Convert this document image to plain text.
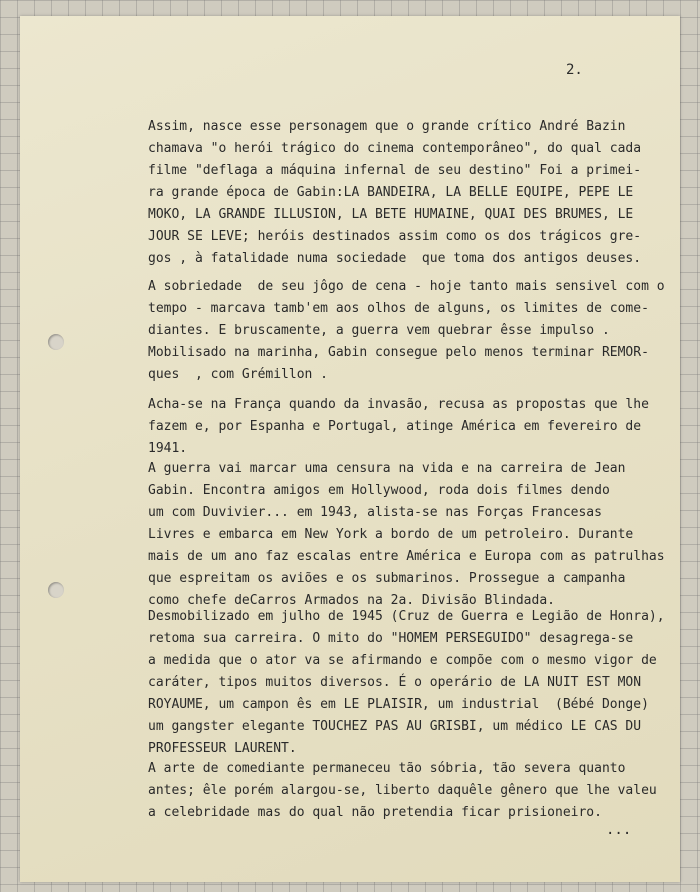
2.

Assim, nasce esse personagem que o grande crítico André Bazin
chamava "o herói trágico do cinema contemporâneo", do qual cada
filme "deflaga a máquina infernal de seu destino" Foi a primei-
ra grande época de Gabin:LA BANDEIRA, LA BELLE EQUIPE, PEPE LE
MOKO, LA GRANDE ILLUSION, LA BETE HUMAINE, QUAI DES BRUMES, LE
JOUR SE LEVE; heróis destinados assim como os dos trágicos gre-
gos , à fatalidade numa sociedade  que toma dos antigos deuses.

A sobriedade  de seu jôgo de cena - hoje tanto mais sensivel com o
tempo - marcava tamb'em aos olhos de alguns, os limites de come-
diantes. E bruscamente, a guerra vem quebrar êsse impulso .
Mobilisado na marinha, Gabin consegue pelo menos terminar REMOR-
ques  , com Grémillon .

Acha-se na França quando da invasão, recusa as propostas que lhe
fazem e, por Espanha e Portugal, atinge América em fevereiro de
1941.

A guerra vai marcar uma censura na vida e na carreira de Jean
Gabin. Encontra amigos em Hollywood, roda dois filmes dendo
um com Duvivier... em 1943, alista-se nas Forças Francesas
Livres e embarca em New York a bordo de um petroleiro. Durante
mais de um ano faz escalas entre América e Europa com as patrulhas
que espreitam os aviões e os submarinos. Prossegue a campanha
como chefe deCarros Armados na 2a. Divisão Blindada.

Desmobilizado em julho de 1945 (Cruz de Guerra e Legião de Honra),
retoma sua carreira. O mito do "HOMEM PERSEGUIDO" desagrega-se
a medida que o ator va se afirmando e compõe com o mesmo vigor de
caráter, tipos muitos diversos. É o operário de LA NUIT EST MON
ROYAUME, um campon ês em LE PLAISIR, um industrial  (Bébé Donge)
um gangster elegante TOUCHEZ PAS AU GRISBI, um médico LE CAS DU
PROFESSEUR LAURENT.

A arte de comediante permaneceu tão sóbria, tão severa quanto
antes; êle porém alargou-se, liberto daquêle gênero que lhe valeu
a celebridade mas do qual não pretendia ficar prisioneiro.

...
